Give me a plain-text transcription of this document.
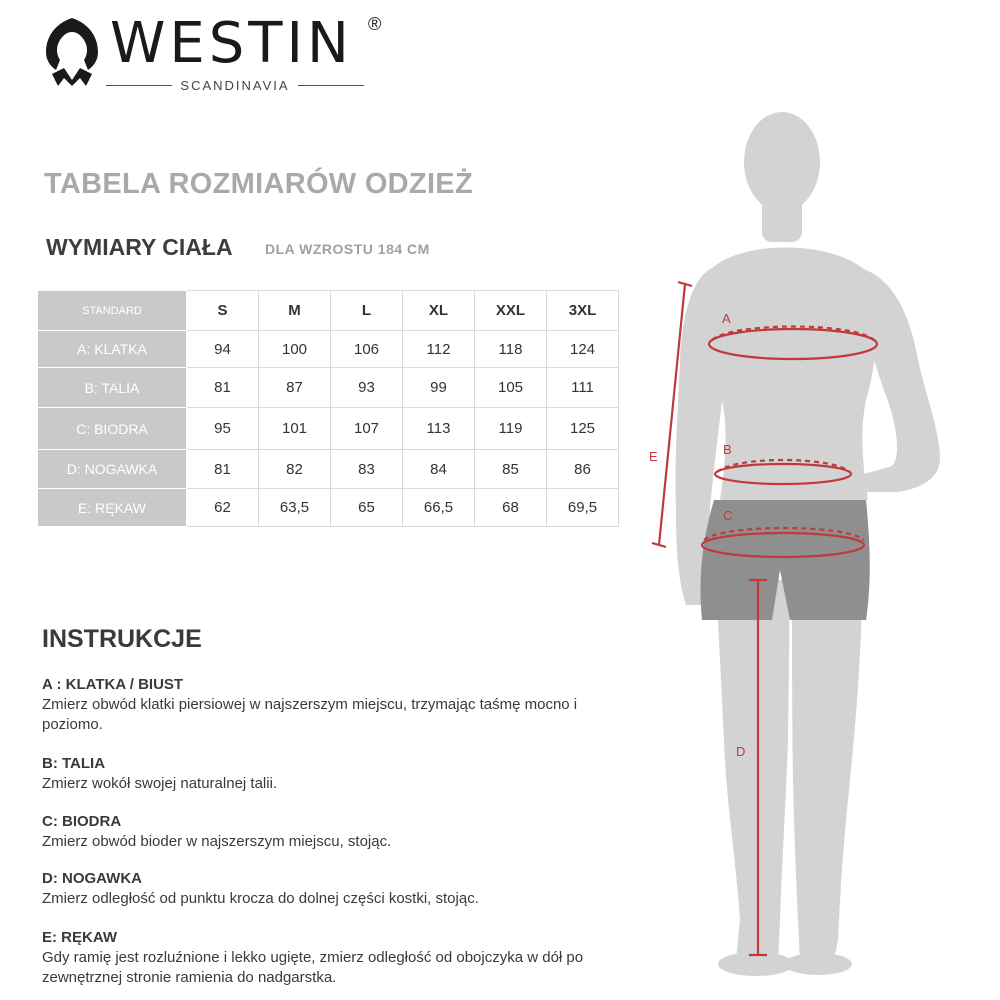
WESTIN ®
SCANDINAVIA
TABELA ROZMIARÓW ODZIEŻ
WYMIARY CIAŁA DLA WZROSTU 184 CM
STANDARD	S	M	L	XL	XXL	3XL
A: KLATKA	94	100	106	112	118	124
B: TALIA	81	87	93	99	105	111
C: BIODRA	95	101	107	113	119	125
D: NOGAWKA	81	82	83	84	85	86
E: RĘKAW	62	63,5	65	66,5	68	69,5
INSTRUKCJE
A : KLATKA / BIUST
Zmierz obwód klatki piersiowej w najszerszym miejscu, trzymając taśmę mocno i poziomo.
B: TALIA
Zmierz wokół swojej naturalnej talii.
C: BIODRA
Zmierz obwód bioder w najszerszym miejscu, stojąc.
D: NOGAWKA
Zmierz odległość od punktu krocza do dolnej części kostki, stojąc.
E: RĘKAW
Gdy ramię jest rozluźnione i lekko ugięte, zmierz odległość od obojczyka w dół po zewnętrznej stronie ramienia do nadgarstka.
A
B
C
D
E
